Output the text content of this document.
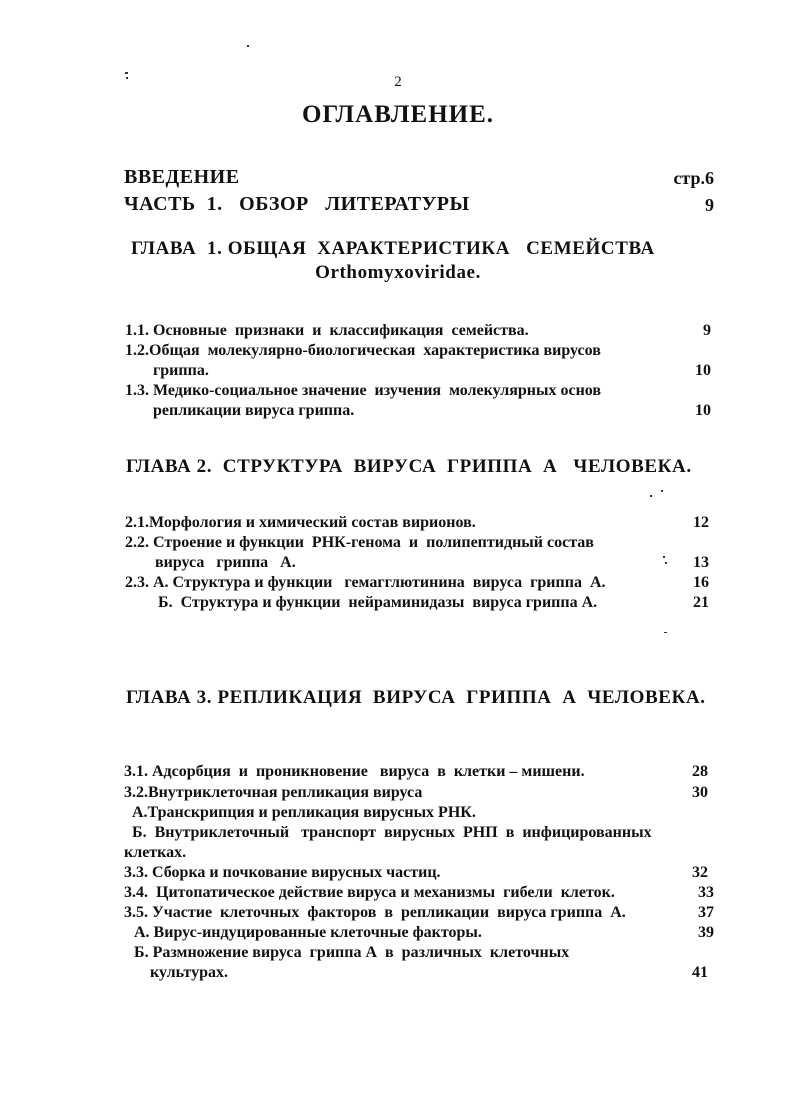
2
ОГЛАВЛЕНИЕ.
ВВЕДЕНИЕ	стр.6
ЧАСТЬ  1.   ОБЗОР   ЛИТЕРАТУРЫ	9
ГЛАВА  1. ОБЩАЯ  ХАРАКТЕРИСТИКА   СЕМЕЙСТВА
Orthomyxoviridae.
1.1. Основные  признаки  и  классификация  семейства.	9
1.2.Общая  молекулярно-биологическая  характеристика вирусов
гриппа.	10
1.3. Медико-социальное значение  изучения  молекулярных основ
репликации вируса гриппа.	10
ГЛАВА 2.  СТРУКТУРА  ВИРУСА  ГРИППА  А   ЧЕЛОВЕКА.
2.1.Морфология и химический состав вирионов.	12
2.2. Строение и функции  РНК-генома  и  полипептидный состав
вируса   гриппа   А.	13
2.3. А. Структура и функции   гемагглютинина  вируса  гриппа  А.	16
Б.  Структура и функции  нейраминидазы  вируса гриппа А.	21
ГЛАВА 3. РЕПЛИКАЦИЯ  ВИРУСА  ГРИППА  А  ЧЕЛОВЕКА.
3.1. Адсорбция  и  проникновение   вируса  в  клетки – мишени.	28
3.2.Внутриклеточная репликация вируса	30
А.Транскрипция и репликация вирусных РНК.
Б.  Внутриклеточный   транспорт  вирусных  РНП  в  инфицированных
клетках.
3.3. Сборка и почкование вирусных частиц.	32
3.4.  Цитопатическое действие вируса и механизмы  гибели  клеток.	33
3.5. Участие  клеточных  факторов  в  репликации  вируса гриппа  А.	37
А. Вирус-индуцированные клеточные факторы.	39
Б. Размножение вируса  гриппа А  в  различных  клеточных
культурах.	41
